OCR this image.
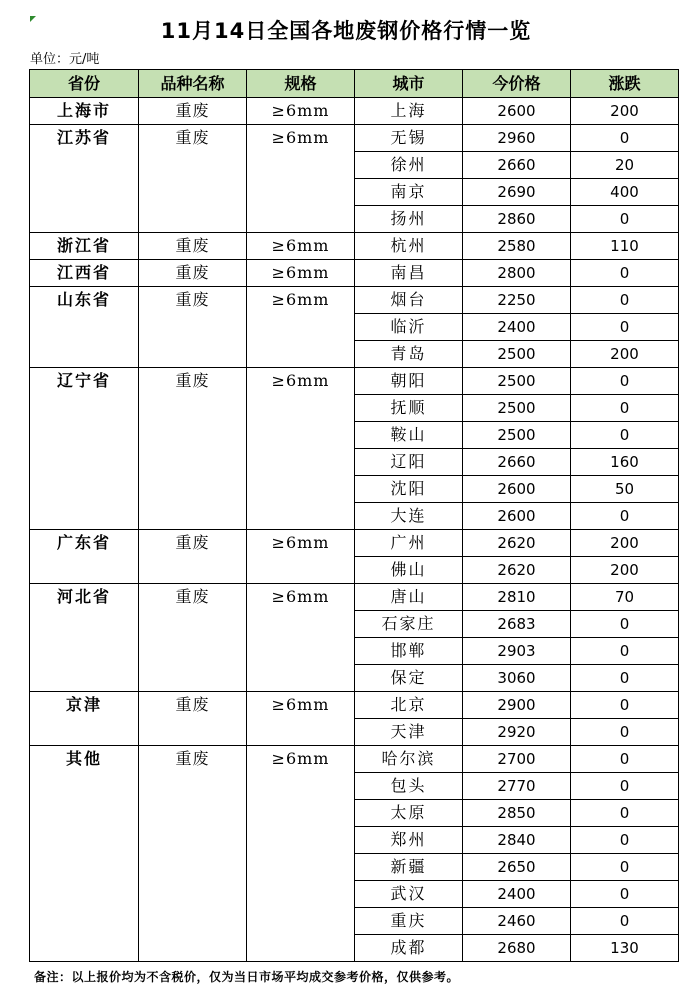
11月14日全国各地废钢价格行情一览
单位：元/吨
省份	品种名称	规格	城市	今价格	涨跌
上海市	重废	≥6mm	上海	2600	200
江苏省	重废	≥6mm	无锡	2960	0
			徐州	2660	20
			南京	2690	400
			扬州	2860	0
浙江省	重废	≥6mm	杭州	2580	110
江西省	重废	≥6mm	南昌	2800	0
山东省	重废	≥6mm	烟台	2250	0
			临沂	2400	0
			青岛	2500	200
辽宁省	重废	≥6mm	朝阳	2500	0
			抚顺	2500	0
			鞍山	2500	0
			辽阳	2660	160
			沈阳	2600	50
			大连	2600	0
广东省	重废	≥6mm	广州	2620	200
			佛山	2620	200
河北省	重废	≥6mm	唐山	2810	70
			石家庄	2683	0
			邯郸	2903	0
			保定	3060	0
京津	重废	≥6mm	北京	2900	0
			天津	2920	0
其他	重废	≥6mm	哈尔滨	2700	0
			包头	2770	0
			太原	2850	0
			郑州	2840	0
			新疆	2650	0
			武汉	2400	0
			重庆	2460	0
			成都	2680	130
备注：以上报价均为不含税价，仅为当日市场平均成交参考价格，仅供参考。
